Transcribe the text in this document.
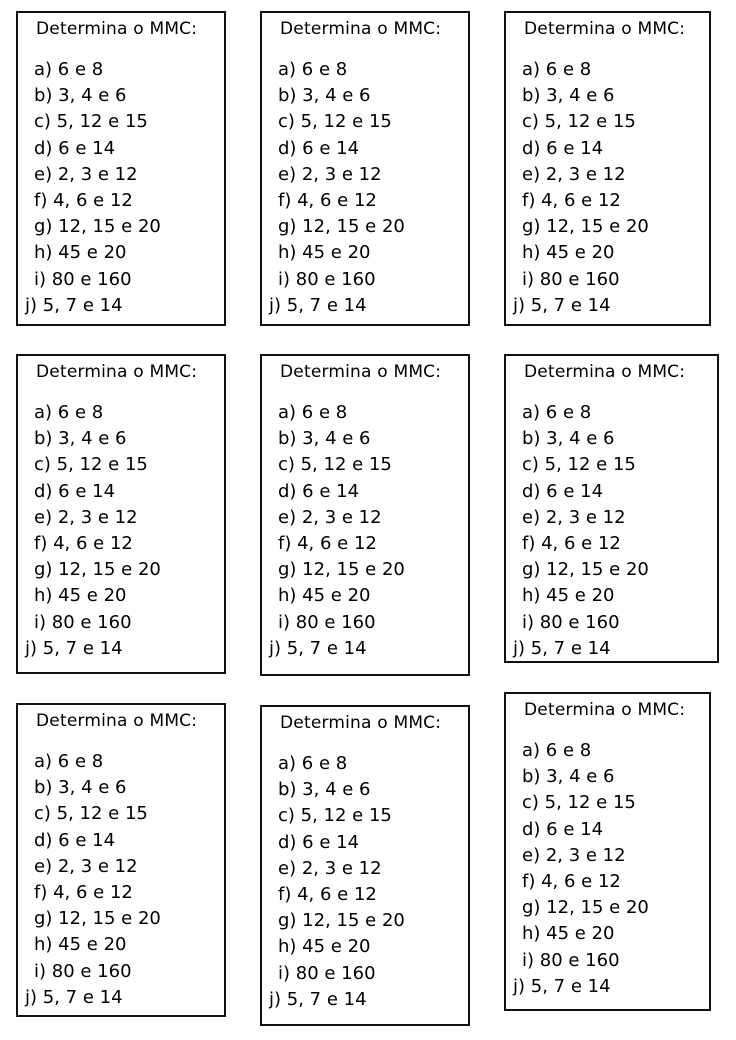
Determina o MMC:
a) 6 e 8
b) 3, 4 e 6
c) 5, 12 e 15
d) 6 e 14
e) 2, 3 e 12
f) 4, 6 e 12
g) 12, 15 e 20
h) 45 e 20
i) 80 e 160
j) 5, 7 e 14
Determina o MMC:
a) 6 e 8
b) 3, 4 e 6
c) 5, 12 e 15
d) 6 e 14
e) 2, 3 e 12
f) 4, 6 e 12
g) 12, 15 e 20
h) 45 e 20
i) 80 e 160
j) 5, 7 e 14
Determina o MMC:
a) 6 e 8
b) 3, 4 e 6
c) 5, 12 e 15
d) 6 e 14
e) 2, 3 e 12
f) 4, 6 e 12
g) 12, 15 e 20
h) 45 e 20
i) 80 e 160
j) 5, 7 e 14
Determina o MMC:
a) 6 e 8
b) 3, 4 e 6
c) 5, 12 e 15
d) 6 e 14
e) 2, 3 e 12
f) 4, 6 e 12
g) 12, 15 e 20
h) 45 e 20
i) 80 e 160
j) 5, 7 e 14
Determina o MMC:
a) 6 e 8
b) 3, 4 e 6
c) 5, 12 e 15
d) 6 e 14
e) 2, 3 e 12
f) 4, 6 e 12
g) 12, 15 e 20
h) 45 e 20
i) 80 e 160
j) 5, 7 e 14
Determina o MMC:
a) 6 e 8
b) 3, 4 e 6
c) 5, 12 e 15
d) 6 e 14
e) 2, 3 e 12
f) 4, 6 e 12
g) 12, 15 e 20
h) 45 e 20
i) 80 e 160
j) 5, 7 e 14
Determina o MMC:
a) 6 e 8
b) 3, 4 e 6
c) 5, 12 e 15
d) 6 e 14
e) 2, 3 e 12
f) 4, 6 e 12
g) 12, 15 e 20
h) 45 e 20
i) 80 e 160
j) 5, 7 e 14
Determina o MMC:
a) 6 e 8
b) 3, 4 e 6
c) 5, 12 e 15
d) 6 e 14
e) 2, 3 e 12
f) 4, 6 e 12
g) 12, 15 e 20
h) 45 e 20
i) 80 e 160
j) 5, 7 e 14
Determina o MMC:
a) 6 e 8
b) 3, 4 e 6
c) 5, 12 e 15
d) 6 e 14
e) 2, 3 e 12
f) 4, 6 e 12
g) 12, 15 e 20
h) 45 e 20
i) 80 e 160
j) 5, 7 e 14
